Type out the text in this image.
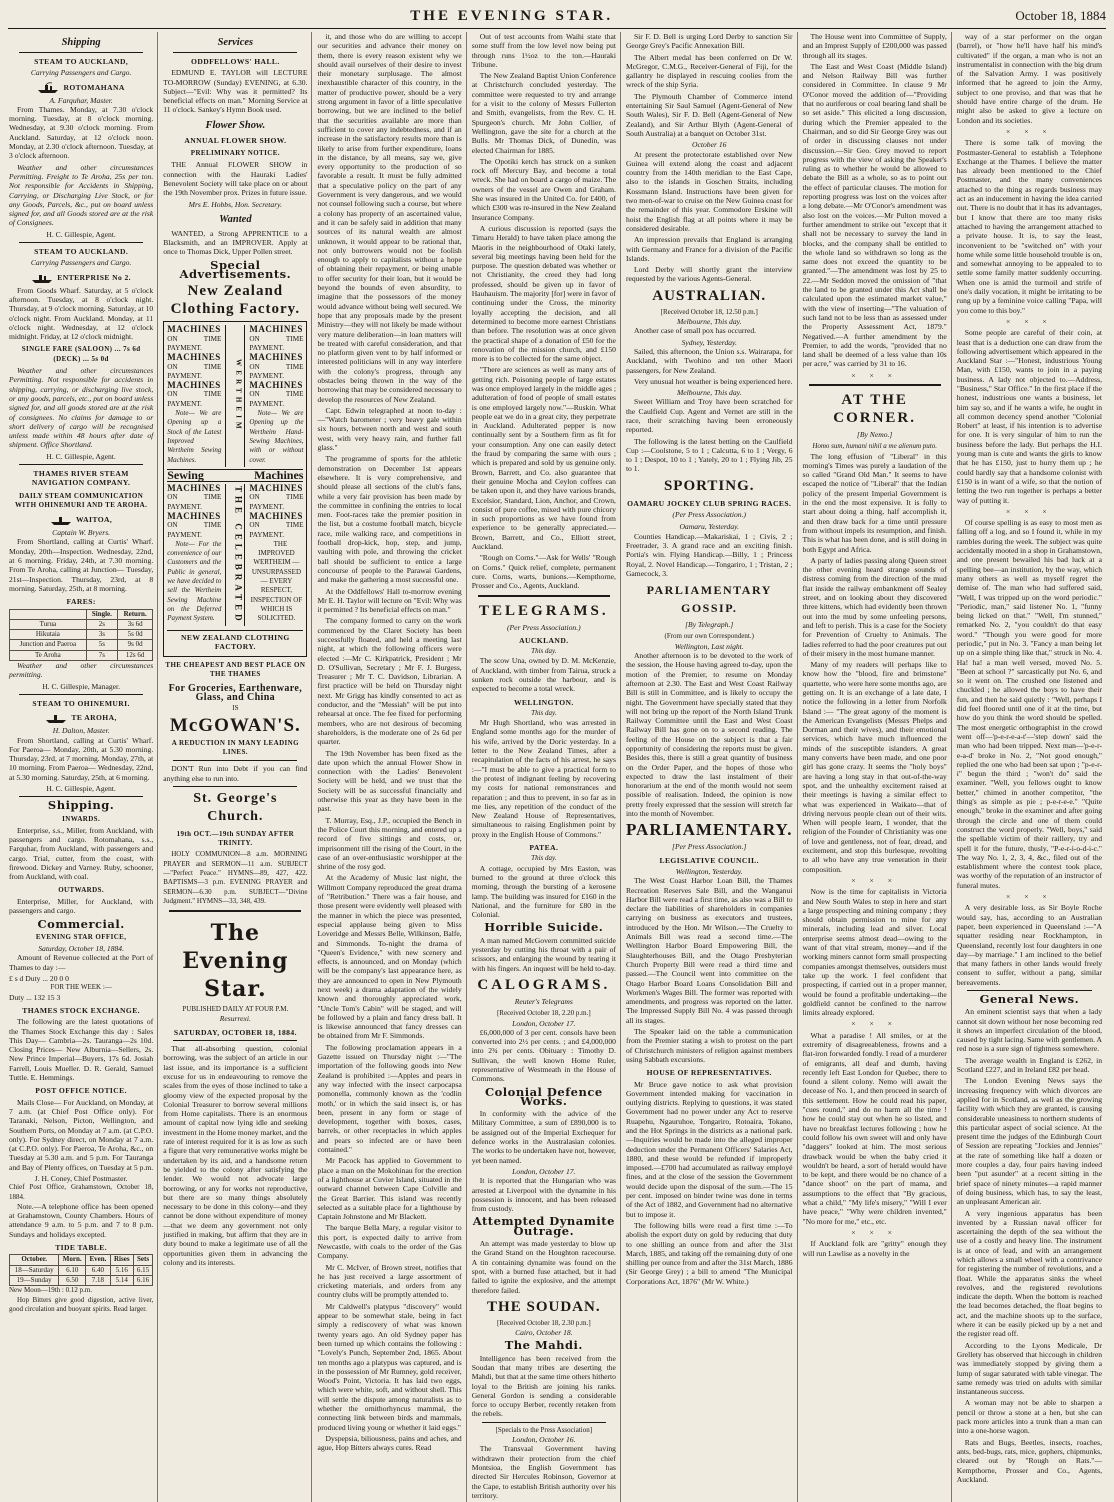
THE EVENING STAR.	October 18, 1884
Shipping
STEAM TO AUCKLAND,
Carrying Passengers and Cargo.
ROTOMAHANA
A. Farquhar, Master.

From Thames. Monday, at 7.30 o'clock morning. Tuesday, at 8 o'clock morning. Wednesday, at 9.30 o'clock morning. From Auckland. Saturday, at 12 o'clock noon. Monday, at 2.30 o'clock afternoon. Tuesday, at 3 o'clock afternoon.

Weather and other circumstances Permitting. Freight to Te Aroha, 25s per ton. Not responsible for Accidents in Shipping, Carrying, or Discharging Live Stock, or for any Goods, Parcels, &c., put on board unless signed for, and all Goods stored are at the risk of Consignees.

H. C. Gillespie, Agent.
STEAM TO AUCKLAND.
Carrying Passengers and Cargo.
ENTERPRISE No 2.

From Goods Wharf. Saturday, at 5 o'clock afternoon. Tuesday, at 8 o'clock night. Thursday, at 9 o'clock morning. Saturday, at 10 o'clock night. From Auckland. Monday, at 11 o'clock night. Wednesday, at 12 o'clock midnight. Friday, at 12 o'clock midnight.

SINGLE FARE (SALOON) ... 7s 6d (DECK) ... 5s 0d

Weather and other circumstances Permitting. Not responsible for accidents in shipping, carrying, or discharging live stock, or any goods, parcels, etc., put on board unless signed for, and all goods stored are at the risk of consignees. No claims for damage to or short delivery of cargo will be recognised unless made within 48 hours after date of shipment. Office Shortland.

H. C. Gillespie, Agent.
THAMES RIVER STEAM NAVIGATION COMPANY.
DAILY STEAM COMMUNICATION WITH OHINEMURI AND TE AROHA.
WAITOA,
Captain W. Bryers.

From Shortland, calling at Curtis' Wharf. Monday, 20th—Inspection. Wednesday, 22nd, at 6 morning. Friday, 24th, at 7.30 morning. From Te Aroha, calling at Junction— Tuesday, 21st—Inspection. Thursday, 23rd, at 8 morning. Saturday, 25th, at 8 morning.

FARES:
	Single.	Return.
Turua	2s	3s 6d
Hikutaia	3s	5s 0d
Junction and Paeroa	5s	9s 0d
Te Aroha	7s	12s 6d

Weather and other circumstances permitting.

H. C. Gillespie, Manager.
STEAM TO OHINEMURI.
TE AROHA,
H. Dalton, Master.

From Shortland, calling at Curtis' Wharf. For Paeroa— Monday, 20th, at 5.30 morning. Thursday, 23rd, at 7 morning. Monday, 27th, at 10 morning. From Paeroa— Wednesday, 22nd, at 5.30 morning. Saturday, 25th, at 6 morning.

H. C. Gillespie, Agent.
Shipping.
INWARDS.

Enterprise, s.s., Miller, from Auckland, with passengers and cargo. Rotomahana, s.s., Farquhar, from Auckland, with passengers and cargo. Trial, cutter, from the coast, with firewood. Dickey and Varney. Ruby, schooner, from Auckland, with coal.

OUTWARDS.

Enterprise, Miller, for Auckland, with passengers and cargo.

Commercial.
EVENING STAR OFFICE,
Saturday, October 18, 1884.

Amount of Revenue collected at the Port of Thames to day :—

£ s d Duty ... 20 0 0
FOR THE WEEK :—
Duty ... 132 15 3
THAMES STOCK EXCHANGE.

The following are the latest quotations of the Thames Stock Exchange this day : Sales This Day— Cambria—2s. Tauranga—2s 10d. Closing Prices— New Alburnia—Sellers, 2s. New Prince Imperial—Buyers, 17s 6d. Josiah Farrell, Louis Mueller. D. R. Gerald, Samuel Tuttle. E. Hemmings.

POST OFFICE NOTICE.

Mails Close— For Auckland, on Monday, at 7 a.m. (at Chief Post Office only). For Taranaki, Nelson, Picton, Wellington, and Southern Ports, on Monday at 7 a.m. (at C.P.O. only). For Sydney direct, on Monday at 7 a.m. (at C.P.O. only). For Paeroa, Te Aroha, &c., on Tuesday at 5.30 a.m. and 5 p.m. For Tauranga and Bay of Plenty offices, on Tuesday at 5 p.m.

J. H. Coney, Chief Postmaster.
Chief Post Office, Grahamstown, October 18, 1884.

Note.—A telephone office has been opened at Grahamstown, County Chambers. Hours of attendance 9 a.m. to 5 p.m. and 7 to 8 p.m. Sundays and holidays excepted.

TIDE TABLE.
October.	Morn.	Even.	Rises	Sets
18—Saturday	6.10	6.40	5.16	6.15
19—Sunday	6.50	7.18	5.14	6.16
New Moon—19th : 0.12 p.m.

Hop Bitters give good digestion, active liver, good circulation and buoyant spirits. Read larger.

Services
ODDFELLOWS' HALL.

EDMUND E. TAYLOR will LECTURE TO-MORROW (Sunday) EVENING, at 6.30. Subject—"Evil: Why was it permitted? Its beneficial effects on man." Morning Service at 11 o'clock. Sankey's Hymn Book used.

Flower Show.
ANNUAL FLOWER SHOW.
PRELIMINARY NOTICE.

THE Annual FLOWER SHOW in connection with the Hauraki Ladies' Benevolent Society will take place on or about the 19th November prox. Prizes in future issue.

Mrs E. Hobbs, Hon. Secretary.
Wanted

WANTED, a Strong APPRENTICE to a Blacksmith, and an IMPROVER. Apply at once to Thomas Dick, Upper Pollen street.

Special Advertisements.
New Zealand Clothing Factory.
MACHINES
ON TIME PAYMENT.
MACHINES
ON TIME PAYMENT.
MACHINES
ON TIME PAYMENT.

Note— We are Opening up a Stock of the Latest Improved Wertheim Sewing Machines.

WERTHEIM
MACHINES
ON TIME PAYMENT.
MACHINES
ON TIME PAYMENT.
MACHINES
ON TIME PAYMENT.

Note— We are Opening up the Wertheim Hand-Sewing Machines, with or without cover.

Sewing	Machines
MACHINES
ON TIME PAYMENT.
MACHINES
ON TIME PAYMENT.

Note— For the convenience of our Customers and the Public in general, we have decided to sell the Wertheim Sewing Machine on the Deferred Payment System.	THE CELEBRATED MACHINES
ON TIME PAYMENT.
MACHINES
ON TIME PAYMENT.

THE IMPROVED WERTHEIM —UNSURPASSED— EVERY RESPECT, INSPECTION OF WHICH IS SOLICITED.

NEW ZEALAND CLOTHING FACTORY.
THE CHEAPEST AND BEST PLACE ON THE THAMES
For Groceries, Earthenware, Glass, and China
IS
McGOWAN'S.
A REDUCTION IN MANY LEADING LINES.

DON'T Run into Debt if you can find anything else to run into.

St. George's Church.
19th OCT.—19th SUNDAY AFTER TRINITY.

HOLY COMMUNION—8 a.m. MORNING PRAYER and SERMON—11 a.m. SUBJECT—"Perfect Peace." HYMNS—89, 427, 422. BAPTISMS—3 p.m. EVENING PRAYER and SERMON—6.30 p.m. SUBJECT—"Divine Judgment." HYMNS—33, 348, 439.

The Evening Star.
PUBLISHED DAILY AT FOUR P.M.
Resurrexi.
SATURDAY, OCTOBER 18, 1884.

That all-absorbing question, colonial borrowing, was the subject of an article in our last issue, and its importance is a sufficient excuse for us in endeavouring to remove the scales from the eyes of those inclined to take a gloomy view of the expected proposal by the Colonial Treasurer to borrow several millions from Home capitalists. There is an enormous amount of capital now lying idle and seeking investment in the Home money market, and the rate of interest required for it is as low as such a figure that very remunerative works might be undertaken by its aid, and a handsome return be yielded to the colony after satisfying the lender. We would not advocate large borrowing, or any for works not reproductive, but there are so many things absolutely necessary to be done in this colony—and they cannot be done without expenditure of money—that we deem any government not only justified in making, but affirm that they are in duty bound to make a legitimate use of all the opportunities given them in advancing the colony and its interests.

it, and those who do are willing to accept our securities and advance their money on them, there is every reason existent why we should avail ourselves of their desire to invest their monetary surplusage. The almost inexhaustible character of this country, in the matter of productive power, should be a very strong argument in favor of a little speculative borrowing, but we are inclined to the belief that the securities available are more than sufficient to cover any indebtedness, and if an increase in the satisfactory results more than is likely to arise from further expenditure, loans in the distance, by all means, say we, give every opportunity to the production of so favorable a result. It must be fully admitted that a speculative policy on the part of any Government is very dangerous, and we would not counsel following such a course, but where a colony has property of an ascertained value, and it can be safely said in addition that many sources of its natural wealth are almost unknown, it would appear to be rational that, not only borrowers would not be foolish enough to apply to capitalists without a hope of obtaining their repayment, or being unable to offer security for their loan, but it would be beyond the bounds of even absurdity, to imagine that the possessors of the money would advance without being well secured. We hope that any proposals made by the present Ministry—they will not likely be made without very mature deliberation—in loan matters will be treated with careful consideration, and that no platform given vent to by half informed or interested politicians will in any way interfere with the colony's progress, through any obstacles being thrown in the way of the borrowing that may be considered necessary to develop the resources of New Zealand.

Capt. Edwin telegraphed at noon to-day :—"Watch barometer ; very heavy gale within six hours, between north and west and south west, with very heavy rain, and further fall glass."

The programme of sports for the athletic demonstration on December 1st appears elsewhere. It is very comprehensive, and should please all sections of the club's fans, while a very fair provision has been made by the committee in confining the entries to local men. Foot-races take the premier position in the list, but a costume football match, bicycle race, mile walking race, and competitions in football drop-kick, hop, step, and jump, vaulting with pole, and throwing the cricket ball should be sufficient to entice a large concourse of people to the Parawai Gardens, and make the gathering a most successful one.

At the Oddfellows' Hall to-morrow evening Mr E. H. Taylor will lecture on "Evil: Why was it permitted ? Its beneficial effects on man."

The company formed to carry on the work commenced by the Claret Society has been successfully floated, and held a meeting last night, at which the following officers were elected :—Mr C. Kirkpatrick, President ; Mr D. O'Sullivan, Secretary ; Mr F. J. Burgess, Treasurer ; Mr T. C. Davidson, Librarian. A first practice will be held on Thursday night next. Mr Grigg has kindly consented to act as conductor, and the "Messiah" will be put into rehearsal at once. The fee fixed for performing members, who are not desirous of becoming shareholders, is the moderate one of 2s 6d per quarter.

The 19th November has been fixed as the date upon which the annual Flower Show in connection with the Ladies' Benevolent Society will be held, and we trust that the Society will be as successful financially and otherwise this year as they have been in the past.

T. Murray, Esq., J.P., occupied the Bench in the Police Court this morning, and entered up a record of five sittings and costs, or, imprisonment till the rising of the Court, in the case of an over-enthusiastic worshipper at the shrine of the rosy god.

At the Academy of Music last night, the Willmott Company reproduced the great drama of "Retribution." There was a fair house, and those present were evidently well pleased with the manner in which the piece was presented, especial applause being given to Miss Loveridge and Messrs Belle, Wilkinson, Balfe, and Simmonds. To-night the drama of "Queen's Evidence," with new scenery and effects, is announced, and on Monday (which will be the company's last appearance here, as they are announced to open in New Plymouth next week) a drama adaptation of the widely known and thoroughly appreciated work, "Uncle Tom's Cabin" will be staged, and will be followed by a plain and fancy dress ball. It is likewise announced that fancy dresses can be obtained from Mr F. Simmonds.

The following proclamation appears in a Gazette issued on Thursday night :—"The importation of the following goods into New Zealand is prohibited :—Apples and pears in any way infected with the insect carpocapsa pomonella, commonly known as the 'codlin moth,' or in which the said insect is, or has been, present in any form or stage of development, together with boxes, cases, barrels, or other receptacles in which apples and pears so infected are or have been contained."

Mr Pacock has applied to Government to place a man on the Mokohinau for the erection of a lighthouse at Cuvier Island, situated in the outward channel between Cape Colville and the Great Barrier. This island was recently selected as a suitable place for a lighthouse by Captain Johnstone and Mr Blackett.

The barque Bella Mary, a regular visitor to this port, is expected daily to arrive from Newcastle, with coals to the order of the Gas Company.

Mr C. McIver, of Brown street, notifies that he has just received a large assortment of cricketing materials, and orders from any country clubs will be promptly attended to.

Mr Caldwell's platypus "discovery" would appear to be somewhat stale, being in fact simply a rediscovery of what was known twenty years ago. An old Sydney paper has been turned up which contains the following : "Lovely's Punch, September 2nd, 1865. About ten months ago a platypus was captured, and is in the possession of Mr Rumney, gold receiver, Wood's Point, Victoria. It has laid two eggs, which were white, soft, and without shell. This will settle the dispute among naturalists as to whether the ornithorhyncus mammal, the connecting link between birds and mammals, produced living young or whether it laid eggs."

Dyspepsia, biliousness, pains and aches, and ague, Hop Bitters always cures. Read

Out of test accounts from Waihi state that some stuff from the low level now being put through runs 1½oz to the ton.—Hauraki Tribune.

The New Zealand Baptist Union Conference at Christchurch concluded yesterday. The committee were requested to try and arrange for a visit to the colony of Messrs Fullerton and Smith, evangelists, from the Rev. C. H. Spurgeon's church. Mr John Collier, of Wellington, gave the site for a church at the Bulls. Mr Thomas Dick, of Dunedin, was elected Chairman for 1885.

The Opotiki ketch has struck on a sunken rock off Mercury Bay, and become a total wreck. She had on board a cargo of maize. The owners of the vessel are Owen and Graham. She was insured in the United Co. for £400, of which £300 was re-insured in the New Zealand Insurance Company.

A curious discussion is reported (says the Timaru Herald) to have taken place among the Maoris in the neighbourhood of Otaki lately, several big meetings having been held for the purpose. The question debated was whether or not Christianity, the creed they had long professed, should be given up in favor of Hauhauism. The majority [for] were in favor of continuing under the Cross, the minority loyally accepting the decision, and all determined to become more earnest Christians than before. The resolution was at once given the practical shape of a donation of £50 for the renovation of the mission church, and £150 more is to be collected for the same object.

"There are sciences as well as many arts of getting rich. Poisoning people of large estates was once employed largely in the middle ages ; adulteration of food of people of small estates is one employed largely now."—Ruskin. What people eat we do in a great city, they perpetrate in Auckland. Adulterated pepper is now continually sent by a Southern firm as fit for your consumption. Any one can easily detect the fraud by comparing the same with ours ; which is prepared and sold by us genuine only. Brown, Barrett, and Co. also guarantee that their genuine Mocha and Ceylon coffees can be taken upon it, and they have various brands, Excelsior, Standard, Lion, Anchor, and Crown, consist of pure coffee, mixed with pure chicory in such proportions as we have found from experience to be generally appreciated.—Brown, Barrett, and Co., Elliott street, Auckland.

"Rough on Corns."—Ask for Wells' "Rough on Corns." Quick relief, complete, permanent cure. Corns, warts, bunions.—Kempthorne, Prosser and Co., Agents, Auckland.

TELEGRAMS.
(Per Press Association.)
AUCKLAND.
This day.

The scow Una, owned by D. M. McKenzie, of Auckland, with timber from Tairua, struck a sunken rock outside the harbour, and is expected to become a total wreck.

WELLINGTON.
This day.

Mr Hugh Shortland, who was arrested in England some months ago for the murder of his wife, arrived by the Doric yesterday. In a letter to the New Zealand Times, after a recapitulation of the facts of his arrest, he says :—"I must be able to give a practical form to the protest of indignant feeling by recovering my costs for national remonstrances and reparation ; and thus to prevent, in so far as in me lies, any repetition of the conduct of the New Zealand House of Representatives, simultaneous to raising Englishmen point by proxy in the English House of Commons."

PATEA.
This day.

A cottage, occupied by Mrs Easton, was burned to the ground at three o'clock this morning, through the bursting of a kerosene lamp. The building was insured for £160 in the National, and the furniture for £80 in the Colonial.

Horrible Suicide.

A man named McGovern committed suicide yesterday by cutting his throat with a pair of scissors, and enlarging the wound by tearing it with his fingers. An inquest will be held to-day.

CALOGRAMS.
Reuter's Telegrams
[Received October 18, 2.20 p.m.]
London, October 17.

£6,000,000 of 3 per cent. consols have been converted into 2½ per cents. ; and £4,000,000 into 2¾ per cents. Obituary : Timothy D. Sullivan, the well known Home Ruler, representative of Westmeath in the House of Commons.

Colonial Defence Works.

In conformity with the advice of the Military Committee, a sum of £890,000 is to be assigned out of the Imperial Exchequer for defence works in the Australasian colonies. The works to be undertaken have not, however, yet been named.

London, October 17.

It is reported that the Hungarian who was arrested at Liverpool with the dynamite in his possession is innocent, and has been released from custody.

Attempted Dynamite Outrage.

An attempt was made yesterday to blow up the Grand Stand on the Houghton racecourse. A tin containing dynamite was found on the spot, with a burned fuse attached, but it had failed to ignite the explosive, and the attempt therefore failed.

THE SOUDAN.
[Received October 18, 2.30 p.m.]
Cairo, October 18.
The Mahdi.

Intelligence has been received from the Soudan that many tribes are deserting the Mahdi, but that at the same time others hitherto loyal to the British are joining his ranks. General Gordon is sending a considerable force to occupy Berber, recently retaken from the rebels.

[Specials to the Press Association]
London, October 16.

The Transvaal Government having withdrawn their protection from the chief Montsioa, the English Government has directed Sir Hercules Robinson, Governor at the Cape, to establish British authority over his territory.

Sir F. D. Bell is urging Lord Derby to sanction Sir George Grey's Pacific Annexation Bill.

The Albert medal has been conferred on Dr W. McGregor, C.M.G., Receiver-General of Fiji, for the gallantry he displayed in rescuing coolies from the wreck of the ship Syria.

The Plymouth Chamber of Commerce intend entertaining Sir Saul Samuel (Agent-General of New South Wales), Sir F. D. Bell (Agent-General of New Zealand), and Sir Arthur Blyth (Agent-General of South Australia) at a banquet on October 31st.

October 16

At present the protectorate established over New Guinea will extend along the coast and adjacent country from the 140th meridian to the East Cape, also to the islands in Goschen Straits, including Kossmann Island. Instructions have been given for two men-of-war to cruise on the New Guinea coast for the remainder of this year. Commodore Erskine will hoist the English flag at all points where it may be considered desirable.

An impression prevails that England is arranging with Germany and France for a division of the Pacific Islands.

Lord Derby will shortly grant the interview requested by the various Agents-General.

AUSTRALIAN.
[Received October 18, 12.50 p.m.]
Melbourne, This day.

Another case of small pox has occurred.

Sydney, Yesterday.

Sailed, this afternoon, the Union s.s. Wairarapa, for Auckland, with Twohino and ten other Maori passengers, for New Zealand.

Very unusual hot weather is being experienced here.

Melbourne, This day.

Sweet William and Troy have been scratched for the Caulfield Cup. Agent and Vernet are still in the race, their scratching having been erroneously reported.

The following is the latest betting on the Caulfield Cup :—Coolstone, 5 to 1 ; Calcutta, 6 to 1 ; Vergy, 6 to 1 ; Despot, 10 to 1 ; Yately, 20 to 1 ; Flying Jib, 25 to 1.

SPORTING.
OAMARU JOCKEY CLUB SPRING RACES.
(Per Press Association.)
Oamaru, Yesterday.

Counties Handicap.—Makariskai, 1 ; Civis, 2 ; Freetrader, 3. A grand race and an exciting finish. Portia's win. Flying Handicap.—Billy, 1 ; Princess Royal, 2. Novel Handicap.—Tongariro, 1 ; Tristan, 2 ; Gamecock, 3.

PARLIAMENTARY GOSSIP.
[By Telegraph.]
(From our own Correspondent.)
Wellington, Last night.

Another afternoon is to be devoted to the work of the session, the House having agreed to-day, upon the motion of the Premier, to resume on Monday afternoon at 2.30. The East and West Coast Railway Bill is still in Committee, and is likely to occupy the night. The Government have specially stated that they will not bring up the report of the North Island Trunk Railway Committee until the East and West Coast Railway Bill has gone on to a second reading. The feeling of the House on the subject is that a fair opportunity of considering the reports must be given. Besides this, there is still a great quantity of business on the Order Paper, and the hopes of those who expected to draw the last instalment of their honorarium at the end of the month would not seem possible of realisation. Indeed, the opinion is now pretty freely expressed that the session will stretch far into the month of November.

PARLIAMENTARY.
[Per Press Association.]
LEGISLATIVE COUNCIL.
Wellington, Yesterday.

The West Coast Harbor Loan Bill, the Thames Recreation Reserves Sale Bill, and the Wanganui Harbor Bill were read a first time, as also was a Bill to declare the liabilities of shareholders in companies carrying on business as executors and trustees, introduced by the Hon. Mr Wilson.—The Cruelty to Animals Bill was read a second time.—The Wellington Harbor Board Empowering Bill, the Slaughterhouses Bill, and the Otago Presbyterian Church Property Bill were read a third time and passed.—The Council went into committee on the Otago Harbor Board Loans Consolidation Bill and Workmen's Wages Bill. The former was reported with amendments, and progress was reported on the latter. The Impressed Supply Bill No. 4 was passed through all its stages.

The Speaker laid on the table a communication from the Premier stating a wish to protest on the part of Christchurch ministers of religion against members using Sabbath excursions.

HOUSE OF REPRESENTATIVES.

Mr Bruce gave notice to ask what provision Government intended making for vaccination in outlying districts. Replying to questions, it was stated Government had no power under any Act to reserve Ruapehu, Ngauruhoe, Tongariro, Rotoaira, Tokano, and the Hot Springs in the districts as a national park.—Inquiries would be made into the alleged improper deduction under the Permanent Officers' Salaries Act, 1880, and these would be refunded if improperly imposed.—£700 had accumulated as railway employé fines, and at the close of the session the Government would decide upon the disposal of the sum.—The 15 per cent. imposed on binder twine was done in terms of the Act of 1882, and Government had no alternative but to impose it.

The following bills were read a first time :—To abolish the export duty on gold by reducing that duty to one shilling an ounce from and after the 31st March, 1885, and taking off the remaining duty of one shilling per ounce from and after the 31st March, 1886 (Sir George Grey) ; a bill to amend "The Municipal Corporations Act, 1876" (Mr W. White.)

The House went into Committee of Supply, and an Imprest Supply of £200,000 was passed through all its stages.

The East and West Coast (Middle Island) and Nelson Railway Bill was further considered in Committee. In clause 9 Mr O'Conor moved the addition of—"Providing that no auriferous or coal bearing land shall be so set aside." This elicited a long discussion, during which the Premier appealed to the Chairman, and so did Sir George Grey was out of order in discussing clauses not under discussion.—Sir Geo. Grey moved to report progress with the view of asking the Speaker's ruling as to whether he would be allowed to debate the Bill as a whole, so as to point out the effect of particular clauses. The motion for reporting progress was lost on the voices after a long debate.—Mr O'Conor's amendment was also lost on the voices.—Mr Pulton moved a further amendment to strike out "except that it shall not be necessary to survey the land in blocks, and the company shall be entitled to the whole land so withdrawn so long as the same does not exceed the quantity to be granted."—The amendment was lost by 25 to 22.—Mr Seddon moved the omission of "that the land to be granted under this Act shall be calculated upon the estimated market value," with the view of inserting—"The valuation of such land not to be less than as assessed under the Property Assessment Act, 1879." Negatived.—A further amendment by the Premier, to add the words, "provided that no land shall be deemed of a less value than 10s per acre," was carried by 31 to 16.

× × ×
AT THE CORNER.
[By Nemo.]
Homo sum, humani nihil a me alienum puto.

The long effusion of "Liberal" in this morning's Times was purely a laudation of the so called "Grand Old Man." It seems to have escaped the notice of "Liberal" that the Indian policy of the present Imperial Government is in the end the most expensive. It is folly to start about doing a thing, half accomplish it, and then draw back for a time until pressure from without impels its resumption, and finish. This is what has been done, and is still doing in both Egypt and Africa.

A party of ladies passing along Queen street the other evening heard strange sounds of distress coming from the direction of the mud flat inside the railway embankment off Sealey street, and on looking about they discovered three kittens, which had evidently been thrown out into the mud by some unfeeling persons, and left to perish. This is a case for the Society for Prevention of Cruelty to Animals. The ladies referred to had the poor creatures put out of their misery in the most humane manner.

Many of my readers will perhaps like to know how the "blood, fire and brimstone" quartette, who were here some months ago, are getting on. It is an exchange of a late date, I notice the following in a letter from Norfolk Island :— "The great agony of the moment is the American Evangelists (Messrs Phelps and Dorman and their wives), and their emotional services, which have much influenced the minds of the susceptible islanders. A great many converts have been made, and one poor girl has gone crazy. It seems the "holy boys" are having a long stay in that out-of-the-way spot, and the unhealthy excitement raised at their meetings is having a similar effect to what was experienced in Waikato—that of driving nervous people clean out of their wits. When will people learn, I wonder, that the religion of the Founder of Christianity was one of love and gentleness, not of fear, dread, and excitement, and stop this burlesque, revolting to all who have any true veneration in their composition.

× × ×

Now is the time for capitalists in Victoria and New South Wales to step in here and start a large prospecting and mining company ; they should obtain permission to mine for any minerals, including lead and silver. Local enterprise seems almost dead—owing to the want of that vital stream, money—and if the working miners cannot form small prospecting companies amongst themselves, outsiders must take up the work. I feel confident that prospecting, if carried out in a proper manner, would be found a profitable undertaking—the goldfield cannot be confined to the narrow limits already explored.

× × ×

What a paradise ! All smiles, or at the extremity of disagreeableness, frowns and a flat-iron forwarded fondly. I read of a murderer of emigrants, all deaf and dumb, having recently left East London for Quebec, there to found a silent colony. Nemo will await the decease of No. 1, and then proceed in search of this settlement. How he could read his paper, "cues round," and do no harm all the time ! how he could stay out when he so listed, and have no breakfast lectures following ; how he could follow his own sweet will and only have "daggers" looked at him. The most serious drawback would be when the baby cried it wouldn't be heard, a sort of herald would have to be kept, and there would be no chance of a "dance shoot" on the part of mama, and assumptions to the effect that "By gracious, what a child," "My life's misery," "Will I ever have peace," "Why were children invented," "No more for me," etc., etc.

× × ×

If Auckland folk are "gritty" enough they will run Lawlise as a novelty in the

way of a star performer on the organ (barrel), or "how he'll have half his mind's cultivated" if the organ, a man who is not an instrumentalist in connection with the big drum of the Salvation Army. I was positively informed that he agreed to join the Army, subject to one proviso, and that was that he should have entire charge of the drum. He might also be asked to give a lecture on London and its societies.

× × ×

There is some talk of moving the Postmaster-General to establish a Telephone Exchange at the Thames. I believe the matter has already been mentioned to the Chief Postmaster, and the many conveniences attached to the thing as regards business may act as an inducement in having the idea carried out. There is no doubt that it has its advantages, but I know that there are too many risks attached to having the arrangement attached to a private house. It is, to say the least, inconvenient to be "switched on" with your home while some little household trouble is on, and somewhat annoying to be appealed to to settle some family matter suddenly occurring. When one is amid the turmoil and strife of one's daily vocation, it might be irritating to be rung up by a feminine voice calling "Papa, will you come to this boy."

× × ×

Some people are careful of their coin, at least that is a deduction one can draw from the following advertisement which appeared in the Auckland Star :—"Honest, industrious Young Man, with £150, wants to join in a paying business. A lady not objected to.—Address, "Business," Star Office." In the first place if the honest, industrious one wants a business, let him say so, and if he wants a wife, he ought in all common decency spend another "Colonial Robert" at least, if his intention is to advertise for one. It is very singular of him to run the business before the lady. But perhaps the H.I. young man is cute and wants the girls to know that he has £150, just to hurry them up ; he could hardly say that a handsome colonist with £150 is in want of a wife, so that the notion of letting the two run together is perhaps a better way of putting it.

× × ×

Of course spelling is as easy to most men as falling off a log, and so I found it, while in my rambles during the week. The subject was quite accidentally mooted in a shop in Grahamstown, and one present bewailed his bad luck at a spelling bee—an institution, by the way, which many others as well as myself regret the demise of. The man who had suffered said, "Well, I was tripped up on the word periodic." "Periodic, man," said listener No. 1, "funny being licked on that." "Well, I'm stunned," remarked No. 2, "you couldn't do that easy word." "Though you were good for more periodic," put in No. 3. "Fancy a man being let up on a simple thing like that," struck in No. 4. Ha! ha! a man well versed, moved No. 5. "Been at school ?" sarcastically put No. 6, and so it went on. The crushed one listened and chuckled ; he allowed the boys to have their fun, and then he said quietly : "Well, perhaps I did feel floored until one of it at the time, but how do you think the word should be spelled. The most energetic orthographist in the crowd went off—'p-e-r-e-a-t'—'step down' said the man who had been tripped. Next man—'p-e-r-e-a-d' broke in No. 2, "Not good enough," replied the one who had been sat upon ; "p-e-r-i" begun the third ; "won't do" said the examiner. "Well, you fellows ought to know better," chimed in another competitor, "the thing's as simple as pie ; p-e-r-e-e." "Quite enough," broke in the examiner and after going through the circle and one of them could construct the word properly. "Well, boys," said the spellable victim of their raillery, try and spell it for the future, thusly, "P-e-r-i-o-d-i-c." The way No. 1, 2, 3, 4, &c., filed out of the establishment where the contest took place, was worthy of the reputation of an instructor of funeral mutes.

× × ×

A very desirable loss, as Sir Boyle Roche would say, has, according to an Australian paper, been experienced in Queensland :—"A squatter residing near Rockhampton, in Queensland, recently lost four daughters in one day—by marriage." I am inclined to the belief that many fathers in other lands would freely consent to suffer, without a pang, similar bereavements.

General News.

An eminent scientist says that when a lady cannot sit down without her nose becoming red it shows an imperfect circulation of the blood, caused by tight lacing. Same with gentlemen. A red nose is a sure sign of tightness somewhere.

The average wealth in England is £262, in Scotland £227, and in Ireland £82 per head.

The London Evening News says the increasing frequency with which divorces are applied for in Scotland, as well as the growing facility with which they are granted, is causing considerable uneasiness to northern students of this particular aspect of social science. At the present time the judges of the Edinburgh Court of Session are repeating "Jockies and Jennies" at the rate of something like half a dozen or more couples a day, four pairs having indeed been "put asunder" at a recent sitting in the brief space of ninety minutes—a rapid manner of doing business, which has, to say the least, an unpleasant American air.

A very ingenious apparatus has been invented by a Russian naval officer for ascertaining the depth of the sea without the use of a costly and heavy line. The instrument is at once of lead, and with an arrangement which allows a small wheel with a contrivance for registering the number of revolutions, and a float. While the apparatus sinks the wheel revolves, and the registered revolutions indicate the depth. When the bottom is reached the lead becomes detached, the float begins to act, and the machine shoots up to the surface, where it can be easily picked up by a net and the register read off.

According to the Lyons Medicale, Dr Grellety has observed that hiccough in children was immediately stopped by giving them a lump of sugar saturated with table vinegar. The same remedy was tried on adults with similar instantaneous success.

A woman may not be able to sharpen a pencil or throw a stone at a hen, but she can pack more articles into a trunk than a man can into a one-horse wagon.

Rats and Bugs, Beetles, insects, roaches, ants, bed-bugs, rats, mice, gophers, chipmunks, cleared out by "Rough on Rats."—Kempthorne, Prosser and Co., Agents, Auckland.
